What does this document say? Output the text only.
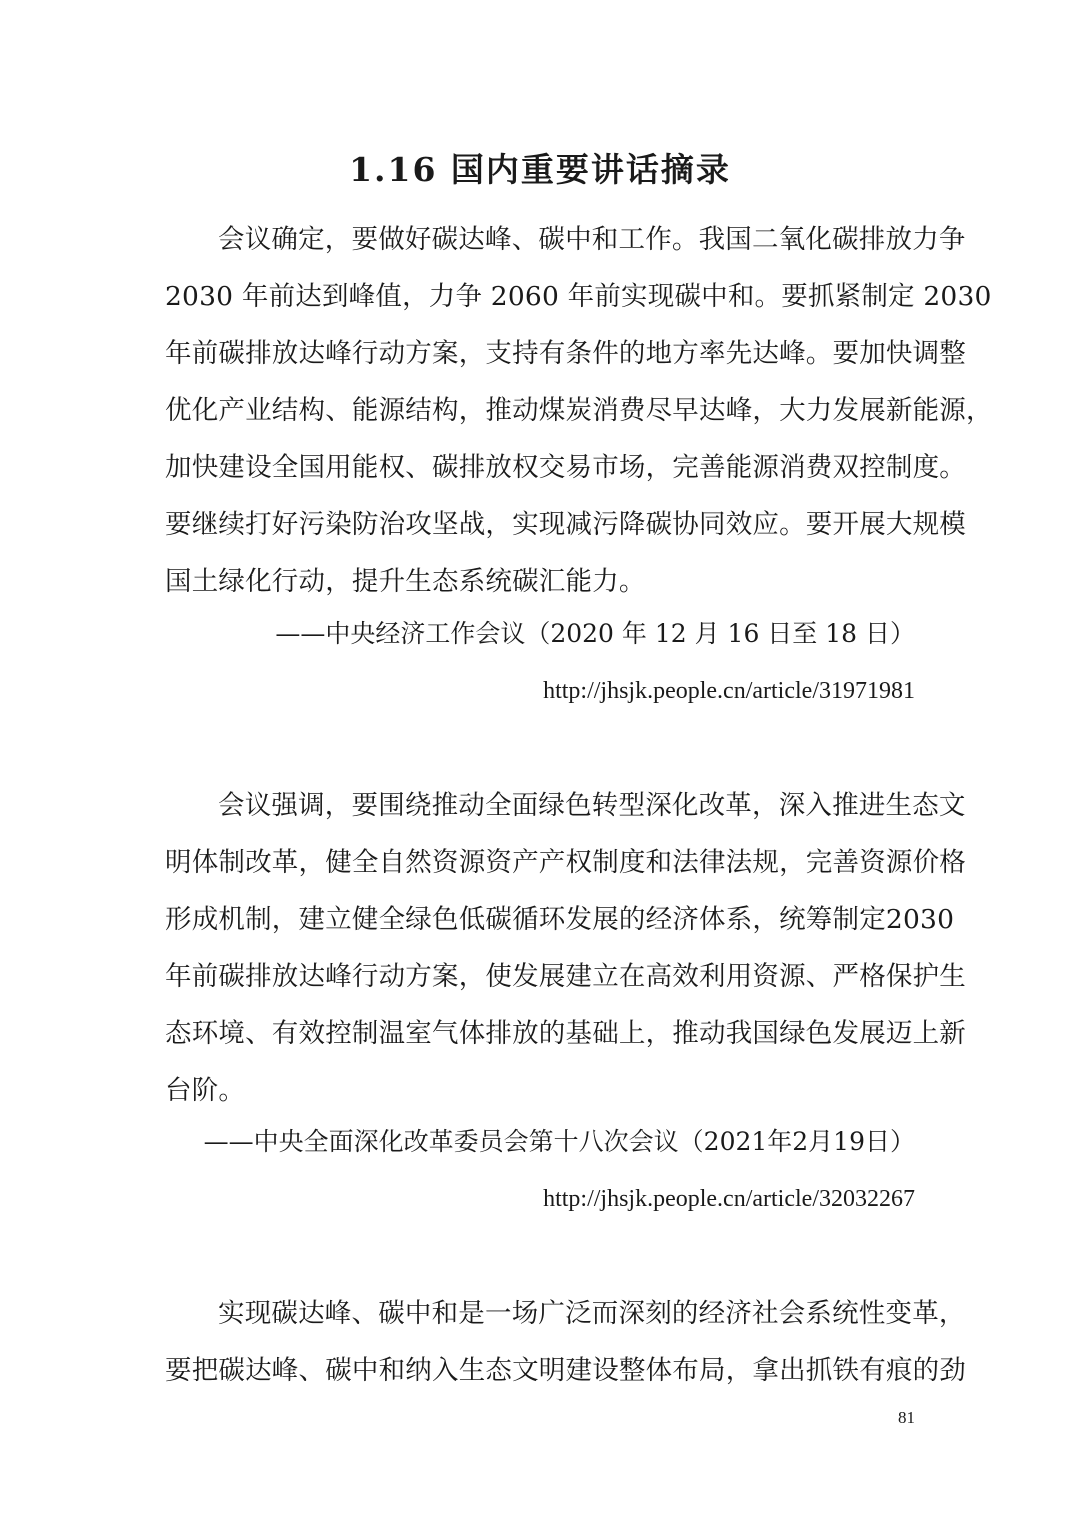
1.16 国内重要讲话摘录
会议确定，要做好碳达峰、碳中和工作。我国二氧化碳排放力争
2030 年前达到峰值，力争 2060 年前实现碳中和。要抓紧制定 2030
年前碳排放达峰行动方案，支持有条件的地方率先达峰。要加快调整
优化产业结构、能源结构，推动煤炭消费尽早达峰，大力发展新能源，
加快建设全国用能权、碳排放权交易市场，完善能源消费双控制度。
要继续打好污染防治攻坚战，实现减污降碳协同效应。要开展大规模
国土绿化行动，提升生态系统碳汇能力。
——中央经济工作会议（2020 年 12 月 16 日至 18 日）
http://jhsjk.people.cn/article/31971981
会议强调，要围绕推动全面绿色转型深化改革，深入推进生态文
明体制改革，健全自然资源资产产权制度和法律法规，完善资源价格
形成机制，建立健全绿色低碳循环发展的经济体系，统筹制定2030
年前碳排放达峰行动方案，使发展建立在高效利用资源、严格保护生
态环境、有效控制温室气体排放的基础上，推动我国绿色发展迈上新
台阶。
——中央全面深化改革委员会第十八次会议（2021年2月19日）
http://jhsjk.people.cn/article/32032267
实现碳达峰、碳中和是一场广泛而深刻的经济社会系统性变革，
要把碳达峰、碳中和纳入生态文明建设整体布局，拿出抓铁有痕的劲
81
